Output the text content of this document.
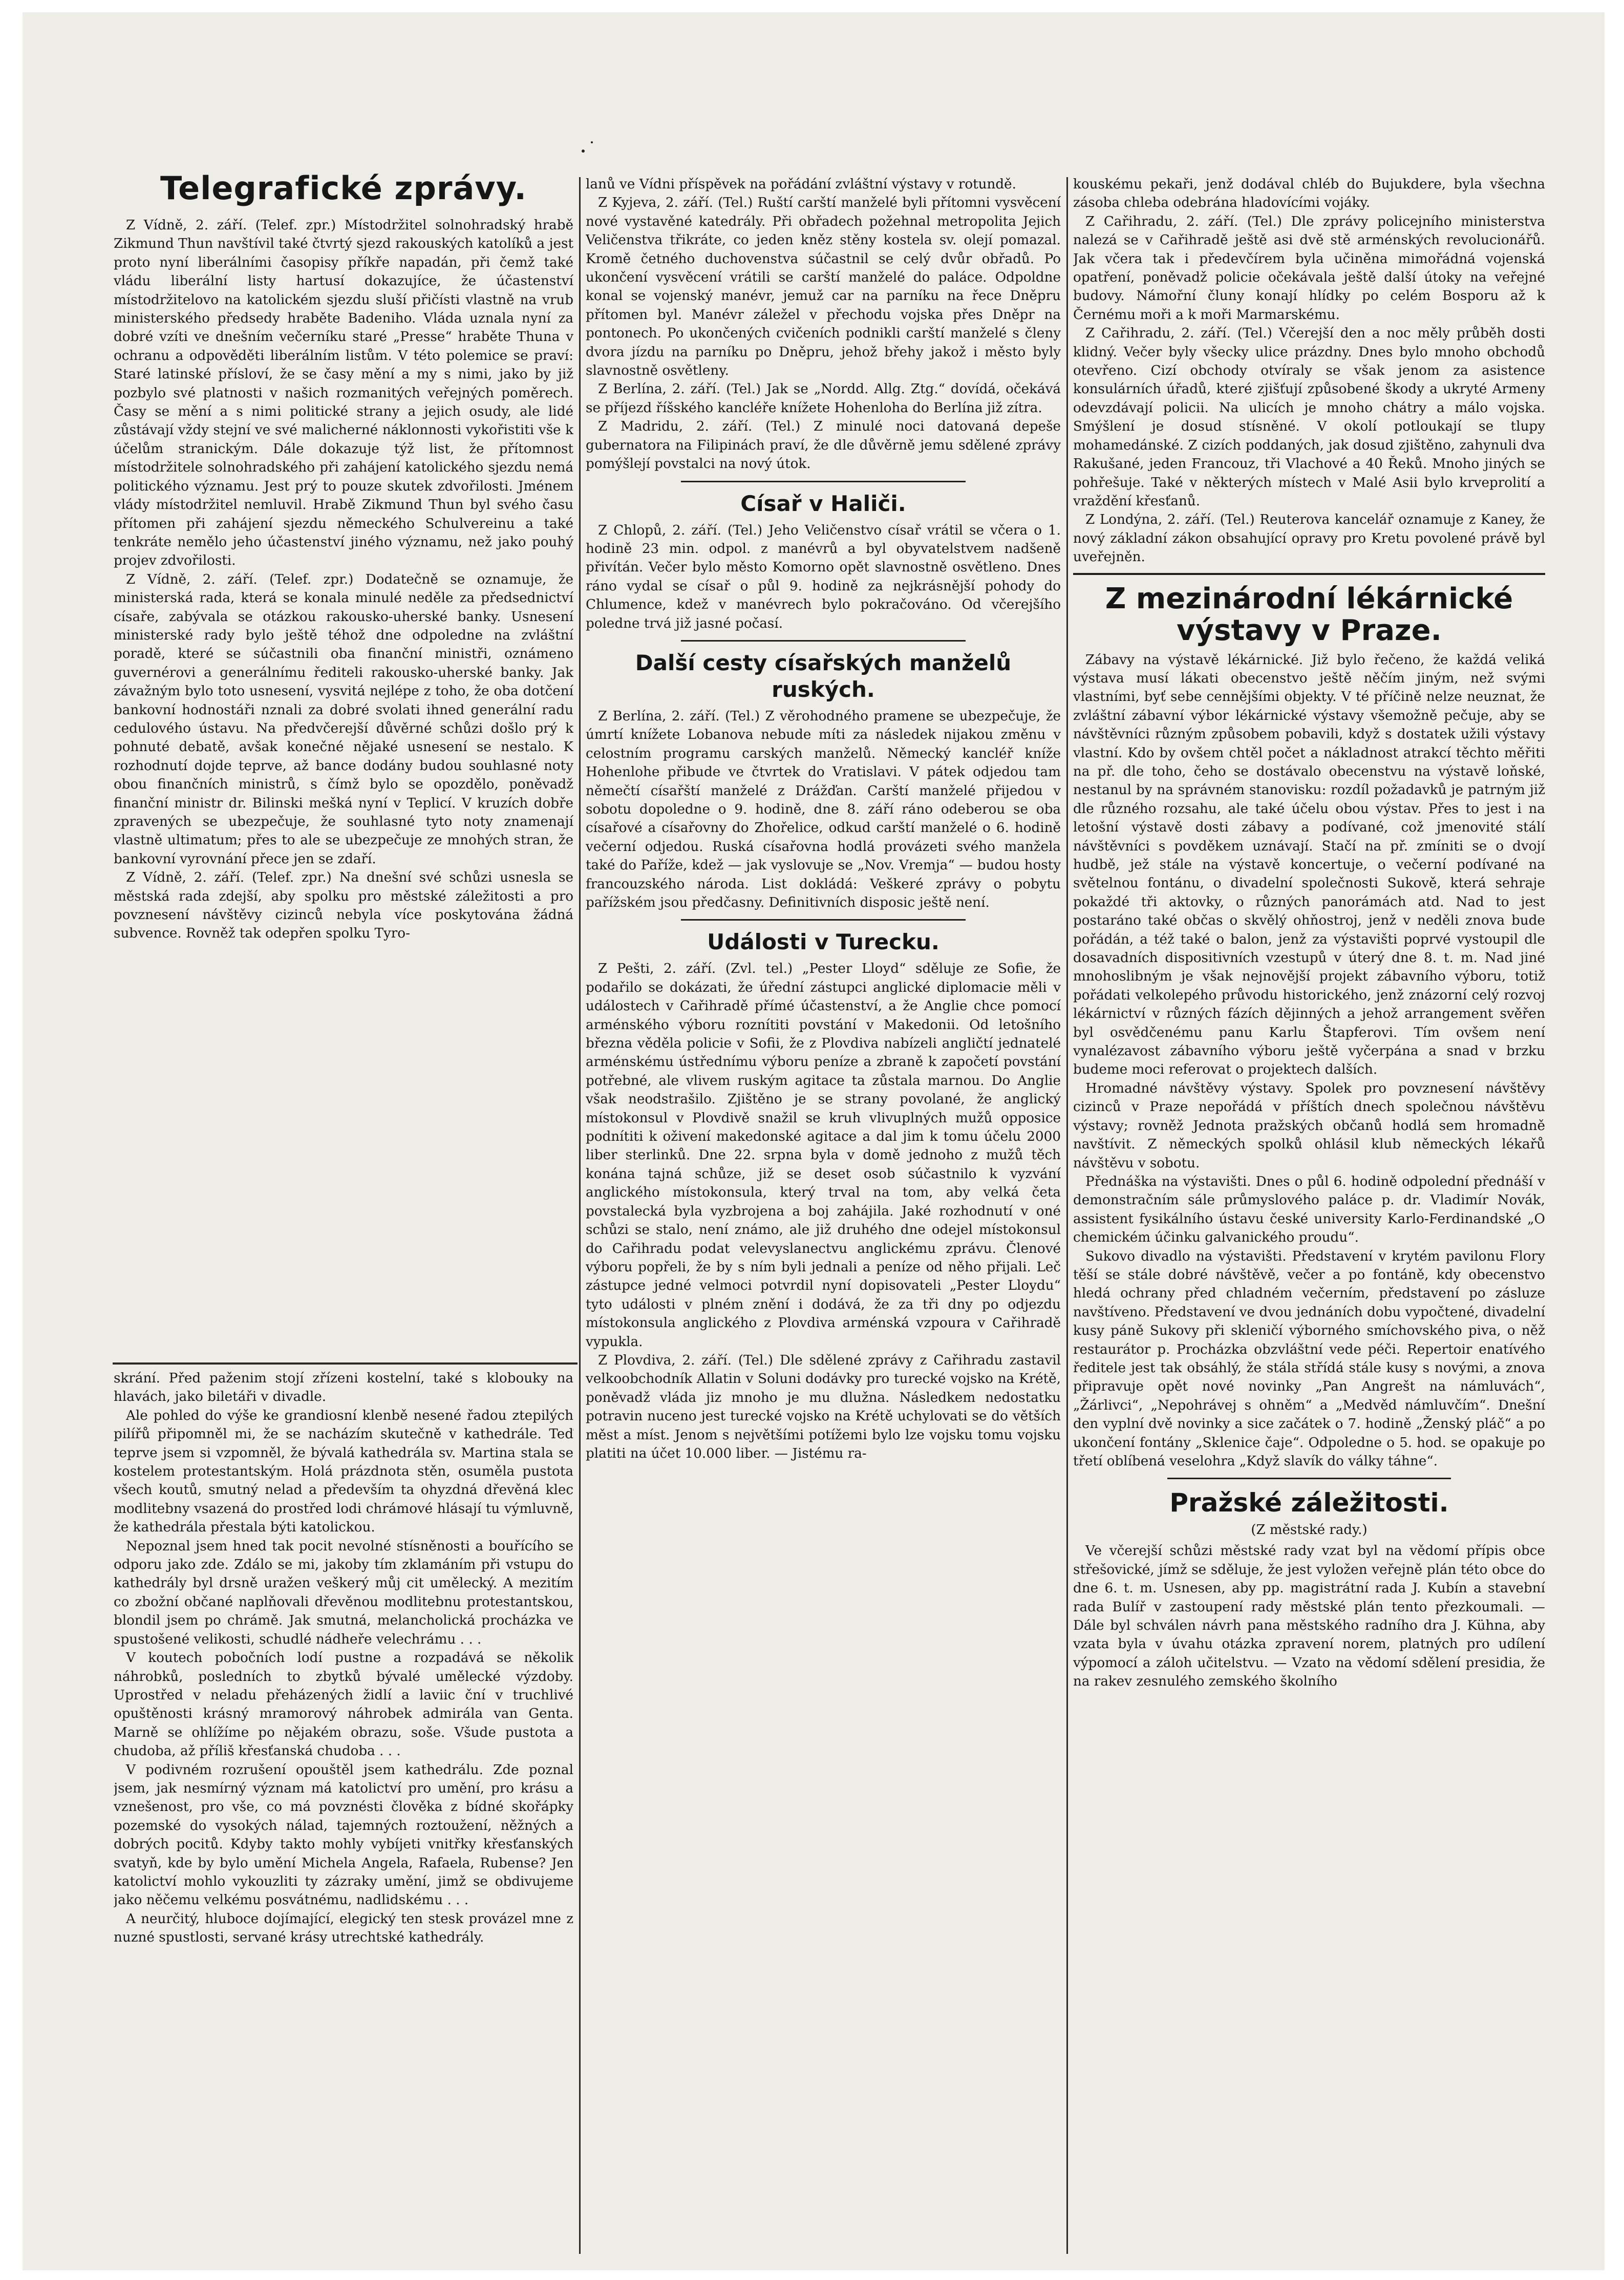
Telegrafické zprávy.

Z Vídně, 2. září. (Telef. zpr.) Místodržitel solnohradský hrabě Zikmund Thun navštívil také čtvrtý sjezd rakouských katolíků a jest proto nyní liberálními časopisy příkře napadán, při čemž také vládu liberální listy hartusí dokazujíce, že účastenství místodržitelovo na katolickém sjezdu sluší přičísti vlastně na vrub ministerského předsedy hraběte Badeniho. Vláda uznala nyní za dobré vzíti ve dnešním večerníku staré „Presse“ hraběte Thuna v ochranu a odpověděti liberálním listům. V této polemice se praví: Staré latinské přísloví, že se časy mění a my s nimi, jako by již pozbylo své platnosti v našich rozmanitých veřejných poměrech. Časy se mění a s nimi politické strany a jejich osudy, ale lidé zůstávají vždy stejní ve své malicherné náklonnosti vykořistiti vše k účelům stranickým. Dále dokazuje týž list, že přítomnost místodržitele solnohradského při zahájení katolického sjezdu nemá politického významu. Jest prý to pouze skutek zdvořilosti. Jménem vlády místodržitel nemluvil. Hrabě Zikmund Thun byl svého času přítomen při zahájení sjezdu německého Schulvereinu a také tenkráte nemělo jeho účastenství jiného významu, než jako pouhý projev zdvořilosti.

Z Vídně, 2. září. (Telef. zpr.) Dodatečně se oznamuje, že ministerská rada, která se konala minulé neděle za předsednictví císaře, zabývala se otázkou rakousko-uherské banky. Usnesení ministerské rady bylo ještě téhož dne odpoledne na zvláštní poradě, které se súčastnili oba finanční ministři, oznámeno guvernérovi a generálnímu řediteli rakousko-uherské banky. Jak závažným bylo toto usnesení, vysvitá nejlépe z toho, že oba dotčení bankovní hodnostáři nznali za dobré svolati ihned generální radu cedulového ústavu. Na předvčerejší důvěrné schůzi došlo prý k pohnuté debatě, avšak konečné nějaké usnesení se nestalo. K rozhodnutí dojde teprve, až bance dodány budou souhlasné noty obou finančních ministrů, s čímž bylo se opozdělo, poněvadž finanční ministr dr. Bilinski mešká nyní v Teplicí. V kruzích dobře zpravených se ubezpečuje, že souhlasné tyto noty znamenají vlastně ultimatum; přes to ale se ubezpečuje ze mnohých stran, že bankovní vyrovnání přece jen se zdaří.

Z Vídně, 2. září. (Telef. zpr.) Na dnešní své schůzi usnesla se městská rada zdejší, aby spolku pro městské záležitosti a pro povznesení návštěvy cizinců nebyla více poskytována žádná subvence. Rovněž tak odepřen spolku Tyro-

skrání. Před paženim stojí zřízeni kostelní, také s klobouky na hlavách, jako biletáři v divadle.

Ale pohled do výše ke grandiosní klenbě nesené řadou ztepilých pilířů připomněl mi, že se nacházím skutečně v kathedrále. Teď teprve jsem si vzpomněl, že bývalá kathedrála sv. Martina stala se kostelem protestantským. Holá prázdnota stěn, osuměla pustota všech koutů, smutný nelad a především ta ohyzdná dřevěná klec modlitebny vsazená do prostřed lodi chrámové hlásají tu výmluvně, že kathedrála přestala býti katolickou.

Nepoznal jsem hned tak pocit nevolné stísněnosti a bouřícího se odporu jako zde. Zdálo se mi, jakoby tím zklamáním při vstupu do kathedrály byl drsně uražen veškerý můj cit umělecký. A mezitím co zbožní občané naplňovali dřevěnou modlitebnu protestantskou, blondil jsem po chrámě. Jak smutná, melancholická procházka ve spustošené velikosti, schudlé nádheře velechrámu . . .

V koutech pobočních lodí pustne a rozpadává se několik náhrobků, posledních to zbytků bývalé umělecké výzdoby. Uprostřed v neladu přeházených židlí a laviic ční v truchlivé opuštěnosti krásný mramorový náhrobek admirála van Genta. Marně se ohlížíme po nějakém obrazu, soše. Všude pustota a chudoba, až příliš křesťanská chudoba . . .

V podivném rozrušení opouštěl jsem kathedrálu. Zde poznal jsem, jak nesmírný význam má katolictví pro umění, pro krásu a vznešenost, pro vše, co má povznésti člověka z bídné skořápky pozemské do vysokých nálad, tajemných roztoužení, něžných a dobrých pocitů. Kdyby takto mohly vybíjeti vnitřky křesťanských svatyň, kde by bylo umění Michela Angela, Rafaela, Rubense? Jen katolictví mohlo vykouzliti ty zázraky umění, jimž se obdivujeme jako něčemu velkému posvátnému, nadlidskému . . .

A neurčitý, hluboce dojímající, elegický ten stesk provázel mne z nuzné spustlosti, servané krásy utrechtské kathedrály.

lanů ve Vídni příspěvek na pořádání zvláštní výstavy v rotundě.

Z Kyjeva, 2. září. (Tel.) Ruští carští manželé byli přítomni vysvěcení nové vystavěné katedrály. Při obřadech požehnal metropolita Jejich Veličenstva třikráte, co jeden kněz stěny kostela sv. olejí pomazal. Kromě četného duchovenstva súčastnil se celý dvůr obřadů. Po ukončení vysvěcení vrátili se carští manželé do paláce. Odpoldne konal se vojenský manévr, jemuž car na parníku na řece Dněpru přítomen byl. Manévr záležel v přechodu vojska přes Dněpr na pontonech. Po ukončených cvičeních podnikli carští manželé s členy dvora jízdu na parníku po Dněpru, jehož břehy jakož i město byly slavnostně osvětleny.

Z Berlína, 2. září. (Tel.) Jak se „Nordd. Allg. Ztg.“ dovídá, očekává se příjezd říšského kancléře knížete Hohenloha do Berlína již zítra.

Z Madridu, 2. září. (Tel.) Z minulé noci datovaná depeše gubernatora na Filipinách praví, že dle důvěrně jemu sdělené zprávy pomýšlejí povstalci na nový útok.

Císař v Haliči.

Z Chlopů, 2. září. (Tel.) Jeho Veličenstvo císař vrátil se včera o 1. hodině 23 min. odpol. z manévrů a byl obyvatelstvem nadšeně přivítán. Večer bylo město Komorno opět slavnostně osvětleno. Dnes ráno vydal se císař o půl 9. hodině za nejkrásnější pohody do Chlumence, kdež v manévrech bylo pokračováno. Od včerejšího poledne trvá již jasné počasí.

Další cesty císařských manželů ruských.

Z Berlína, 2. září. (Tel.) Z věrohodného pramene se ubezpečuje, že úmrtí knížete Lobanova nebude míti za následek nijakou změnu v celostním programu carských manželů. Německý kancléř kníže Hohenlohe přibude ve čtvrtek do Vratislavi. V pátek odjedou tam němečtí císařští manželé z Drážďan. Carští manželé přijedou v sobotu dopoledne o 9. hodině, dne 8. září ráno odeberou se oba císařové a císařovny do Zhořelice, odkud carští manželé o 6. hodině večerní odjedou. Ruská císařovna hodlá provázeti svého manžela také do Paříže, kdež — jak vyslovuje se „Nov. Vremja“ — budou hosty francouzského národa. List dokládá: Veškeré zprávy o pobytu pařížském jsou předčasny. Definitivních disposic ještě není.

Události v Turecku.

Z Pešti, 2. září. (Zvl. tel.) „Pester Lloyd“ sděluje ze Sofie, že podařilo se dokázati, že úřední zástupci anglické diplomacie měli v událostech v Cařihradě přímé účastenství, a že Anglie chce pomocí arménského výboru roznítiti povstání v Makedonii. Od letošního března věděla policie v Sofii, že z Plovdiva nabízeli angličtí jednatelé arménskému ústřednímu výboru peníze a zbraně k započetí povstání potřebné, ale vlivem ruským agitace ta zůstala marnou. Do Anglie však neodstrašilo. Zjištěno je se strany povolané, že anglický místokonsul v Plovdivě snažil se kruh vlivuplných mužů opposice podnítiti k oživení makedonské agitace a dal jim k tomu účelu 2000 liber sterlinků. Dne 22. srpna byla v domě jednoho z mužů těch konána tajná schůze, již se deset osob súčastnilo k vyzvání anglického místokonsula, který trval na tom, aby velká četa povstalecká byla vyzbrojena a boj zahájila. Jaké rozhodnutí v oné schůzi se stalo, není známo, ale již druhého dne odejel místokonsul do Cařihradu podat velevyslanectvu anglickému zprávu. Členové výboru popřeli, že by s ním byli jednali a peníze od něho přijali. Leč zástupce jedné velmoci potvrdil nyní dopisovateli „Pester Lloydu“ tyto události v plném znění i dodává, že za tři dny po odjezdu místokonsula anglického z Plovdiva arménská vzpoura v Cařihradě vypukla.

Z Plovdiva, 2. září. (Tel.) Dle sdělené zprávy z Cařihradu zastavil velkoobchodník Allatin v Soluni dodávky pro turecké vojsko na Krétě, poněvadž vláda jiz mnoho je mu dlužna. Následkem nedostatku potravin nuceno jest turecké vojsko na Krétě uchylovati se do větších měst a míst. Jenom s největšími potížemi bylo lze vojsku tomu vojsku platiti na účet 10.000 liber. — Jistému ra-

kouskému pekaři, jenž dodával chléb do Bujukdere, byla všechna zásoba chleba odebrána hladovícími vojáky.

Z Cařihradu, 2. září. (Tel.) Dle zprávy policejního ministerstva nalezá se v Cařihradě ještě asi dvě stě arménských revolucionářů. Jak včera tak i předevčírem byla učiněna mimořádná vojenská opatření, poněvadž policie očekávala ještě další útoky na veřejné budovy. Námořní čluny konají hlídky po celém Bosporu až k Černému moři a k moři Marmarskému.

Z Cařihradu, 2. září. (Tel.) Včerejší den a noc měly průběh dosti klidný. Večer byly všecky ulice prázdny. Dnes bylo mnoho obchodů otevřeno. Cizí obchody otvíraly se však jenom za asistence konsulárních úřadů, které zjišťují způsobené škody a ukryté Armeny odevzdávají policii. Na ulicích je mnoho chátry a málo vojska. Smýšlení je dosud stísněné. V okolí potloukají se tlupy mohamedánské. Z cizích poddaných, jak dosud zjištěno, zahynuli dva Rakušané, jeden Francouz, tři Vlachové a 40 Řeků. Mnoho jiných se pohřešuje. Také v některých místech v Malé Asii bylo krveprolití a vraždění křesťanů.

Z Londýna, 2. září. (Tel.) Reuterova kancelář oznamuje z Kaney, že nový základní zákon obsahující opravy pro Kretu povolené právě byl uveřejněn.

Z mezinárodní lékárnické výstavy v Praze.

Zábavy na výstavě lékárnické. Již bylo řečeno, že každá veliká výstava musí lákati obecenstvo ještě něčím jiným, než svými vlastními, byť sebe cennějšími objekty. V té příčině nelze neuznat, že zvláštní zábavní výbor lékárnické výstavy všemožně pečuje, aby se návštěvníci různým způsobem pobavili, když s dostatek užili výstavy vlastní. Kdo by ovšem chtěl počet a nákladnost atrakcí těchto měřiti na př. dle toho, čeho se dostávalo obecenstvu na výstavě loňské, nestanul by na správném stanovisku: rozdíl požadavků je patrným již dle různého rozsahu, ale také účelu obou výstav. Přes to jest i na letošní výstavě dosti zábavy a podívané, což jmenovité stálí návštěvníci s povděkem uznávají. Stačí na př. zmíniti se o dvojí hudbě, jež stále na výstavě koncertuje, o večerní podívané na světelnou fontánu, o divadelní společnosti Sukově, která sehraje pokaždé tři aktovky, o různých panorámách atd. Nad to jest postaráno také občas o skvělý ohňostroj, jenž v neděli znova bude pořádán, a též také o balon, jenž za výstavišti poprvé vystoupil dle dosavadních dispositivních vzestupů v úterý dne 8. t. m. Nad jiné mnohoslibným je však nejnovější projekt zábavního výboru, totiž pořádati velkolepého průvodu historického, jenž znázorní celý rozvoj lékárnictví v různých fázích dějinných a jehož arrangement svěřen byl osvědčenému panu Karlu Štapferovi. Tím ovšem není vynalézavost zábavního výboru ještě vyčerpána a snad v brzku budeme moci referovat o projektech dalších.

Hromadné návštěvy výstavy. Spolek pro povznesení návštěvy cizinců v Praze nepořádá v příštích dnech společnou návštěvu výstavy; rovněž Jednota pražských občanů hodlá sem hromadně navštívit. Z německých spolků ohlásil klub německých lékařů návštěvu v sobotu.

Přednáška na výstavišti. Dnes o půl 6. hodině odpolední přednáší v demonstračním sále průmyslového paláce p. dr. Vladimír Novák, assistent fysikálního ústavu české university Karlo-Ferdinandské „O chemickém účinku galvanického proudu“.

Sukovo divadlo na výstavišti. Představení v krytém pavilonu Flory těší se stále dobré návštěvě, večer a po fontáně, kdy obecenstvo hledá ochrany před chladném večerním, představení po zásluze navštíveno. Představení ve dvou jednáních dobu vypočtené, divadelní kusy páně Sukovy při skleničí výborného smíchovského piva, o něž restaurátor p. Procházka obzvláštní vede péči. Repertoir enatívého ředitele jest tak obsáhlý, že stála střídá stále kusy s novými, a znova připravuje opět nové novinky „Pan Angrešt na námluvách“, „Žárlivci“, „Nepohrávej s ohněm“ a „Medvěd námluvčím“. Dnešní den vyplní dvě novinky a sice začátek o 7. hodině „Ženský pláč“ a po ukončení fontány „Sklenice čaje“. Odpoledne o 5. hod. se opakuje po třetí oblíbená veselohra „Když slavík do války táhne“.

Pražské záležitosti.
(Z městské rady.)

Ve včerejší schůzi městské rady vzat byl na vědomí přípis obce střešovické, jímž se sděluje, že jest vyložen veřejně plán této obce do dne 6. t. m. Usnesen, aby pp. magistrátní rada J. Kubín a stavební rada Bulíř v zastoupení rady městské plán tento přezkoumali. — Dále byl schválen návrh pana městského radního dra J. Kühna, aby vzata byla v úvahu otázka zpravení norem, platných pro udílení výpomocí a záloh učitelstvu. — Vzato na vědomí sdělení presidia, že na rakev zesnulého zemského školního
